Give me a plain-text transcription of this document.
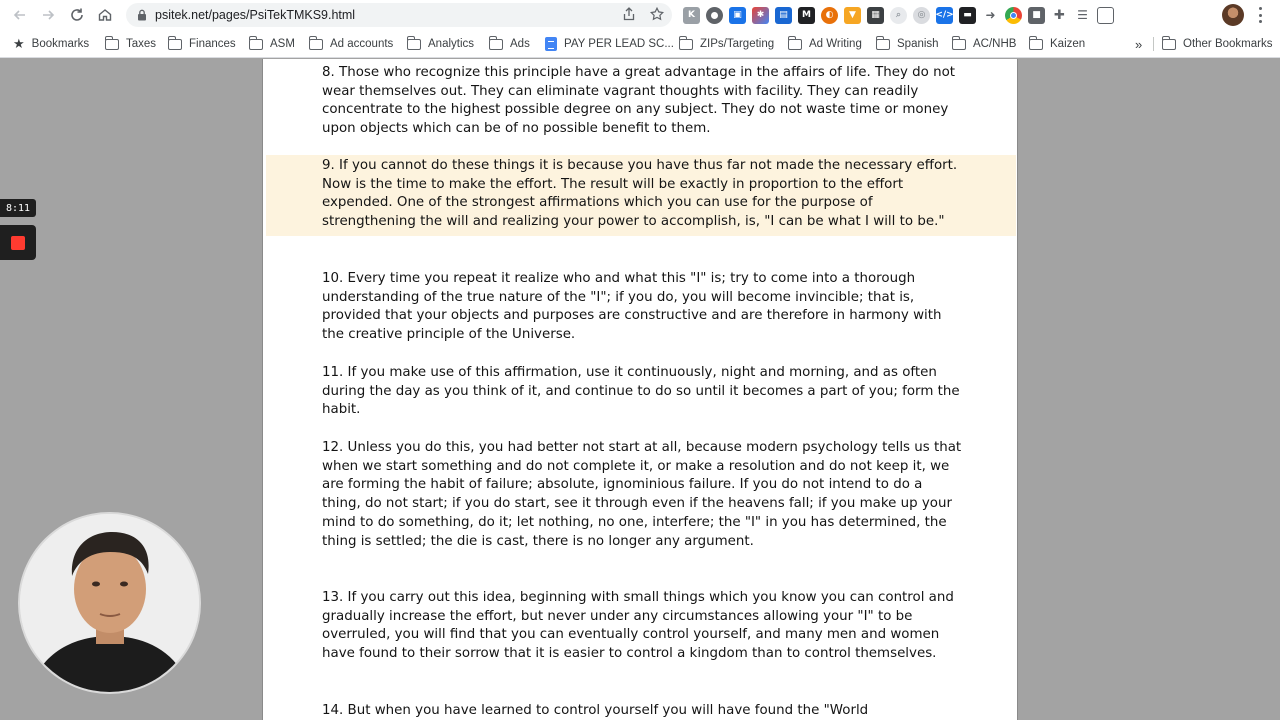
psitek.net/pages/PsiTekTMKS9.html	K	▣	✱	▤	M	◐	▼	▦	⌕	◎	</>	▬	➜	■	✚ ☰
★ Bookmarks	Taxes	Finances	ASM	Ad accounts	Analytics	Ads	PAY PER LEAD SC... ZIPs/Targeting	Ad Writing	Spanish	AC/NHB	Kaizen	»	Other Bookmarks

8. Those who recognize this principle have a great advantage in the affairs of life. They do not wear themselves out. They can eliminate vagrant thoughts with facility. They can readily concentrate to the highest possible degree on any subject. They do not waste time or money upon objects which can be of no possible benefit to them.

9. If you cannot do these things it is because you have thus far not made the necessary effort. Now is the time to make the effort. The result will be exactly in proportion to the effort expended. One of the strongest affirmations which you can use for the purpose of strengthening the will and realizing your power to accomplish, is, "I can be what I will to be."

10. Every time you repeat it realize who and what this "I" is; try to come into a thorough understanding of the true nature of the "I"; if you do, you will become invincible; that is, provided that your objects and purposes are constructive and are therefore in harmony with the creative principle of the Universe.

11. If you make use of this affirmation, use it continuously, night and morning, and as often during the day as you think of it, and continue to do so until it becomes a part of you; form the habit.

12. Unless you do this, you had better not start at all, because modern psychology tells us that when we start something and do not complete it, or make a resolution and do not keep it, we are forming the habit of failure; absolute, ignominious failure. If you do not intend to do a thing, do not start; if you do start, see it through even if the heavens fall; if you make up your mind to do something, do it; let nothing, no one, interfere; the "I" in you has determined, the thing is settled; the die is cast, there is no longer any argument.

13. If you carry out this idea, beginning with small things which you know you can control and gradually increase the effort, but never under any circumstances allowing your "I" to be overruled, you will find that you can eventually control yourself, and many men and women have found to their sorrow that it is easier to control a kingdom than to control themselves.

14. But when you have learned to control yourself you will have found the "World

8:11
